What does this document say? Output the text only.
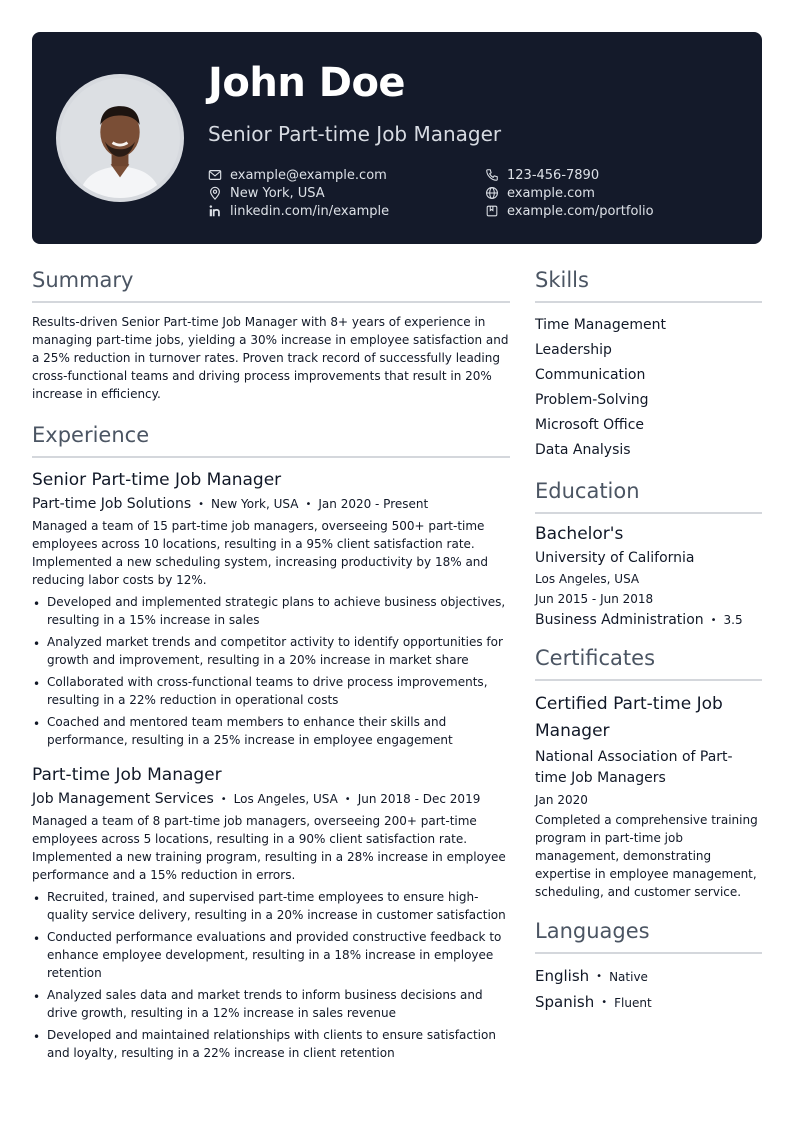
John Doe
Senior Part-time Job Manager
example@example.com
New York, USA
linkedin.com/in/example
123-456-7890
example.com
example.com/portfolio
Summary
Results-driven Senior Part-time Job Manager with 8+ years of experience in managing part-time jobs, yielding a 30% increase in employee satisfaction and a 25% reduction in turnover rates. Proven track record of successfully leading cross-functional teams and driving process improvements that result in 20% increase in efficiency.
Experience
Senior Part-time Job Manager
Part-time Job Solutions • New York, USA • Jan 2020 - Present
Managed a team of 15 part-time job managers, overseeing 500+ part-time employees across 10 locations, resulting in a 95% client satisfaction rate. Implemented a new scheduling system, increasing productivity by 18% and reducing labor costs by 12%.
• Developed and implemented strategic plans to achieve business objectives, resulting in a 15% increase in sales
• Analyzed market trends and competitor activity to identify opportunities for growth and improvement, resulting in a 20% increase in market share
• Collaborated with cross-functional teams to drive process improvements, resulting in a 22% reduction in operational costs
• Coached and mentored team members to enhance their skills and performance, resulting in a 25% increase in employee engagement
Part-time Job Manager
Job Management Services • Los Angeles, USA • Jun 2018 - Dec 2019
Managed a team of 8 part-time job managers, overseeing 200+ part-time employees across 5 locations, resulting in a 90% client satisfaction rate. Implemented a new training program, resulting in a 28% increase in employee performance and a 15% reduction in errors.
• Recruited, trained, and supervised part-time employees to ensure high-quality service delivery, resulting in a 20% increase in customer satisfaction
• Conducted performance evaluations and provided constructive feedback to enhance employee development, resulting in a 18% increase in employee retention
• Analyzed sales data and market trends to inform business decisions and drive growth, resulting in a 12% increase in sales revenue
• Developed and maintained relationships with clients to ensure satisfaction and loyalty, resulting in a 22% increase in client retention
Skills
Time Management
Leadership
Communication
Problem-Solving
Microsoft Office
Data Analysis
Education
Bachelor's
University of California
Los Angeles, USA
Jun 2015 - Jun 2018
Business Administration • 3.5
Certificates
Certified Part-time Job Manager
National Association of Part-time Job Managers
Jan 2020
Completed a comprehensive training program in part-time job management, demonstrating expertise in employee management, scheduling, and customer service.
Languages
English • Native
Spanish • Fluent
